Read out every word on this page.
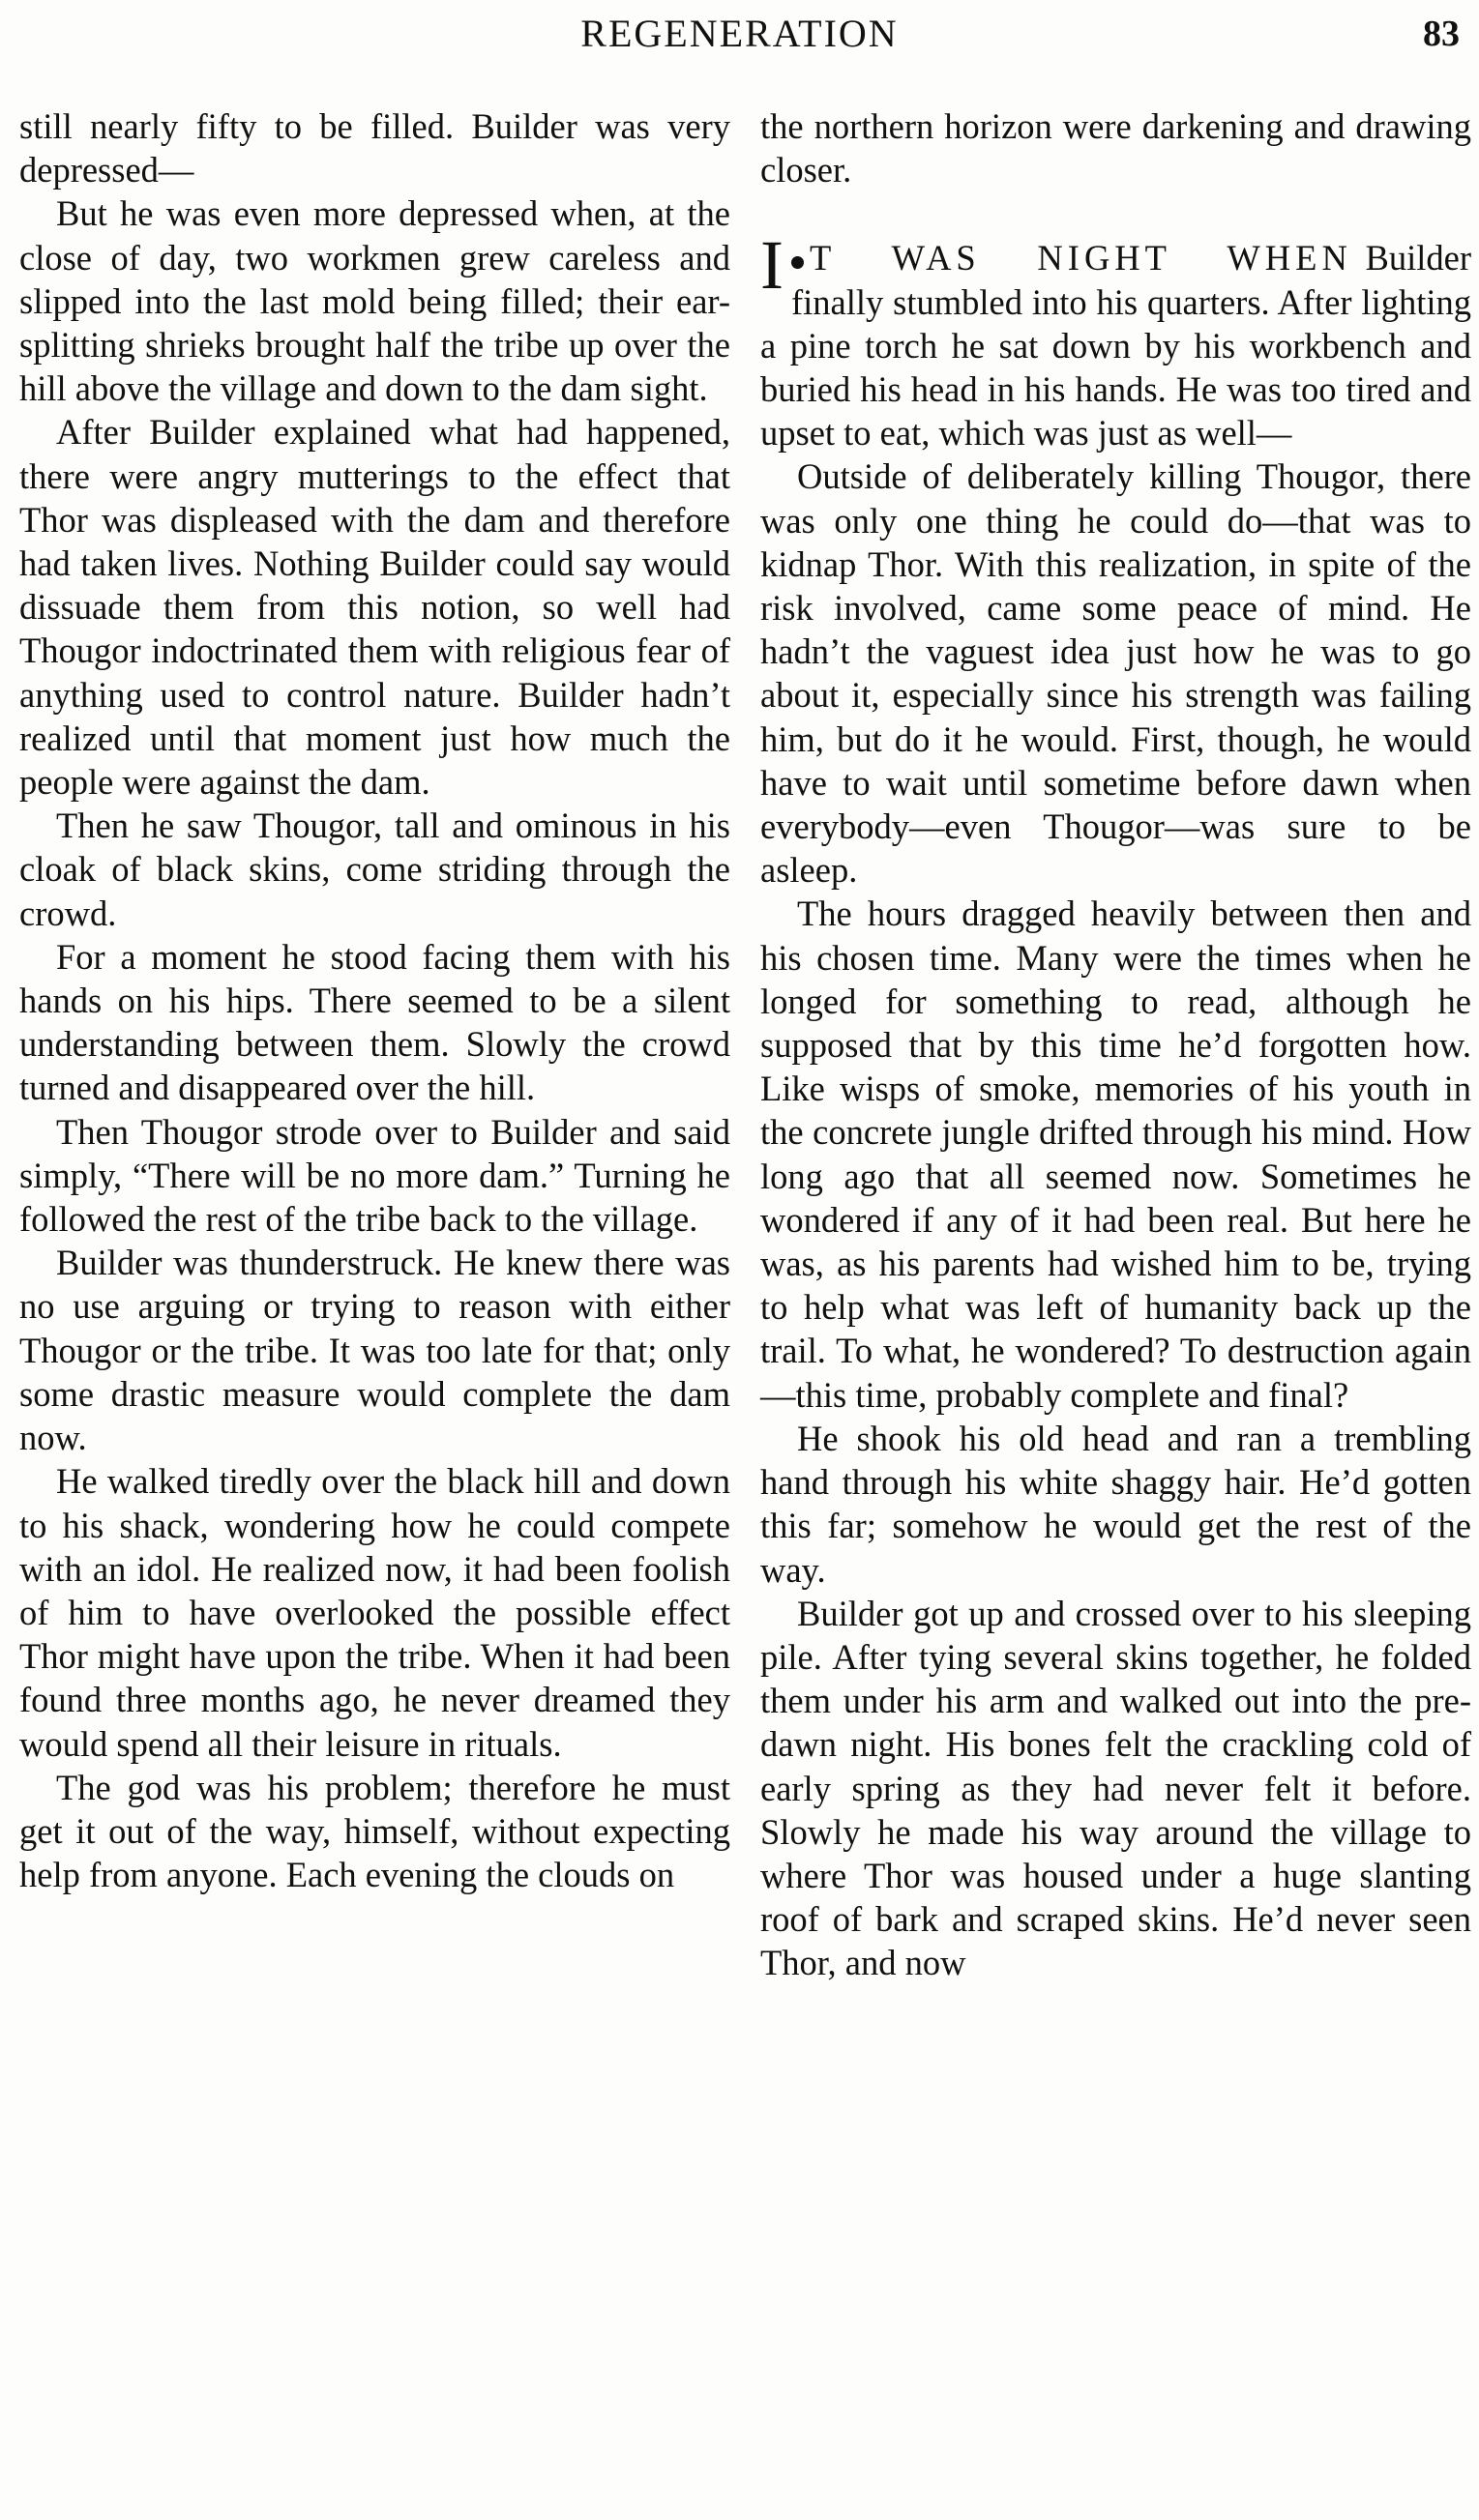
REGENERATION	83

still nearly fifty to be filled. Builder was very depressed—

But he was even more depressed when, at the close of day, two workmen grew careless and slipped into the last mold being filled; their ear-splitting shrieks brought half the tribe up over the hill above the village and down to the dam sight.

After Builder explained what had happened, there were angry mutterings to the effect that Thor was displeased with the dam and therefore had taken lives. Nothing Builder could say would dissuade them from this notion, so well had Thougor indoctrinated them with religious fear of anything used to control nature. Builder hadn’t realized until that moment just how much the people were against the dam.

Then he saw Thougor, tall and ominous in his cloak of black skins, come striding through the crowd.

For a moment he stood facing them with his hands on his hips. There seemed to be a silent understanding between them. Slowly the crowd turned and disappeared over the hill.

Then Thougor strode over to Builder and said simply, “There will be no more dam.” Turning he followed the rest of the tribe back to the village.

Builder was thunderstruck. He knew there was no use arguing or trying to reason with either Thougor or the tribe. It was too late for that; only some drastic measure would complete the dam now.

He walked tiredly over the black hill and down to his shack, wondering how he could compete with an idol. He realized now, it had been foolish of him to have overlooked the possible effect Thor might have upon the tribe. When it had been found three months ago, he never dreamed they would spend all their leisure in rituals.

The god was his problem; therefore he must get it out of the way, himself, without expecting help from anyone. Each evening the clouds on

the northern horizon were darkening and drawing closer.

I T WAS NIGHT WHEN Builder finally stumbled into his quarters. After lighting a pine torch he sat down by his workbench and buried his head in his hands. He was too tired and upset to eat, which was just as well—

Outside of deliberately killing Thougor, there was only one thing he could do—that was to kidnap Thor. With this realization, in spite of the risk involved, came some peace of mind. He hadn’t the vaguest idea just how he was to go about it, especially since his strength was failing him, but do it he would. First, though, he would have to wait until sometime before dawn when everybody—even Thougor—was sure to be asleep.

The hours dragged heavily between then and his chosen time. Many were the times when he longed for something to read, although he supposed that by this time he’d forgotten how. Like wisps of smoke, memories of his youth in the concrete jungle drifted through his mind. How long ago that all seemed now. Sometimes he wondered if any of it had been real. But here he was, as his parents had wished him to be, trying to help what was left of humanity back up the trail. To what, he wondered? To destruction again—this time, probably complete and final?

He shook his old head and ran a trembling hand through his white shaggy hair. He’d gotten this far; somehow he would get the rest of the way.

Builder got up and crossed over to his sleeping pile. After tying several skins together, he folded them under his arm and walked out into the pre-dawn night. His bones felt the crackling cold of early spring as they had never felt it before. Slowly he made his way around the village to where Thor was housed under a huge slanting roof of bark and scraped skins. He’d never seen Thor, and now
